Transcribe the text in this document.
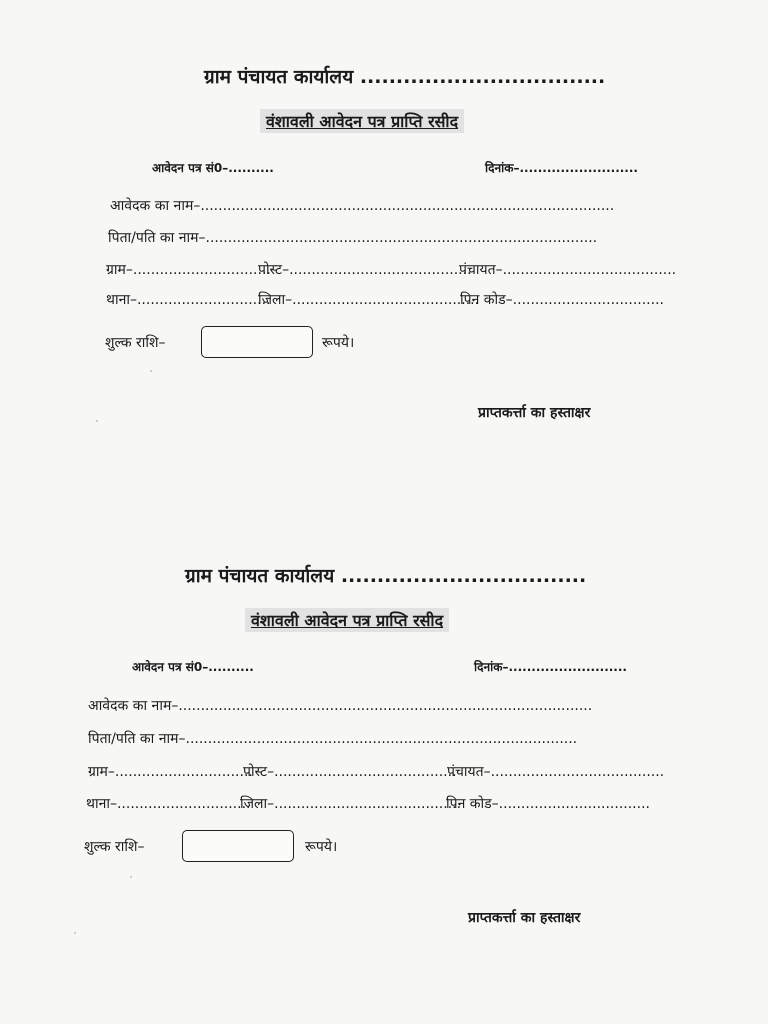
ग्राम पंचायत कार्यालय ..................................
वंशावली आवेदन पत्र प्राप्ति रसीद
आवेदन पत्र सं0–..........	दिनांक–..........................
आवेदक का नाम–.............................................................................................
पिता/पति का नाम–........................................................................................
ग्राम–...............................
पोस्ट–.........................................
पंचायत–.......................................
थाना–..............................
जिला–..........................................
पिन कोड–..................................
शुल्क राशि–	रूपये।
प्राप्तकर्त्ता का हस्ताक्षर
ग्राम पंचायत कार्यालय ..................................
वंशावली आवेदन पत्र प्राप्ति रसीद
आवेदन पत्र सं0–..........	दिनांक–..........................
आवेदक का नाम–.............................................................................................
पिता/पति का नाम–........................................................................................
ग्राम–...............................
पोस्ट–.........................................
पंचायत–.......................................
थाना–..............................
जिला–..........................................
पिन कोड–..................................
शुल्क राशि–	रूपये।
प्राप्तकर्त्ता का हस्ताक्षर
